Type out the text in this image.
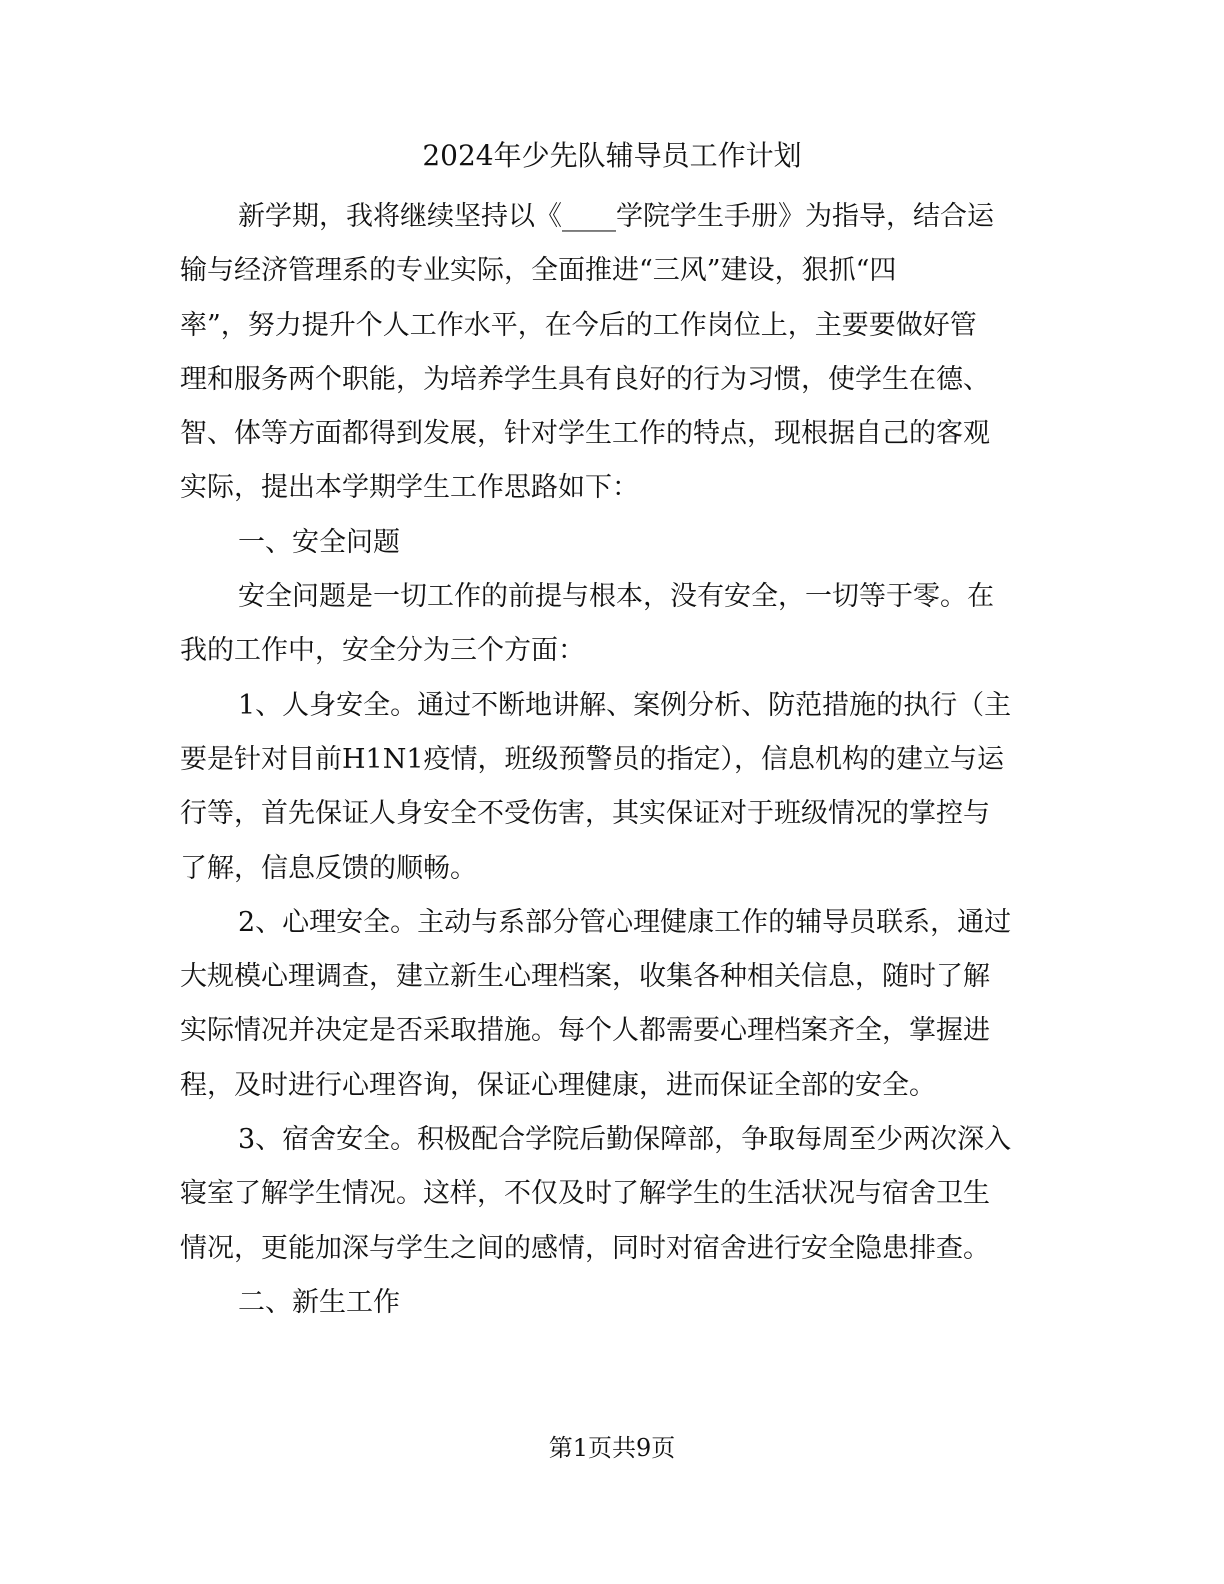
2024年少先队辅导员工作计划
新学期，我将继续坚持以《____学院学生手册》为指导，结合运
输与经济管理系的专业实际，全面推进“三风”建设，狠抓“四
率”，努力提升个人工作水平，在今后的工作岗位上，主要要做好管
理和服务两个职能，为培养学生具有良好的行为习惯，使学生在德、
智、体等方面都得到发展，针对学生工作的特点，现根据自己的客观
实际，提出本学期学生工作思路如下：
一、安全问题
安全问题是一切工作的前提与根本，没有安全，一切等于零。在
我的工作中，安全分为三个方面：
1、人身安全。通过不断地讲解、案例分析、防范措施的执行（主
要是针对目前H1N1疫情，班级预警员的指定），信息机构的建立与运
行等，首先保证人身安全不受伤害，其实保证对于班级情况的掌控与
了解，信息反馈的顺畅。
2、心理安全。主动与系部分管心理健康工作的辅导员联系，通过
大规模心理调查，建立新生心理档案，收集各种相关信息，随时了解
实际情况并决定是否采取措施。每个人都需要心理档案齐全，掌握进
程，及时进行心理咨询，保证心理健康，进而保证全部的安全。
3、宿舍安全。积极配合学院后勤保障部，争取每周至少两次深入
寝室了解学生情况。这样，不仅及时了解学生的生活状况与宿舍卫生
情况，更能加深与学生之间的感情，同时对宿舍进行安全隐患排查。
二、新生工作
第1页共9页
